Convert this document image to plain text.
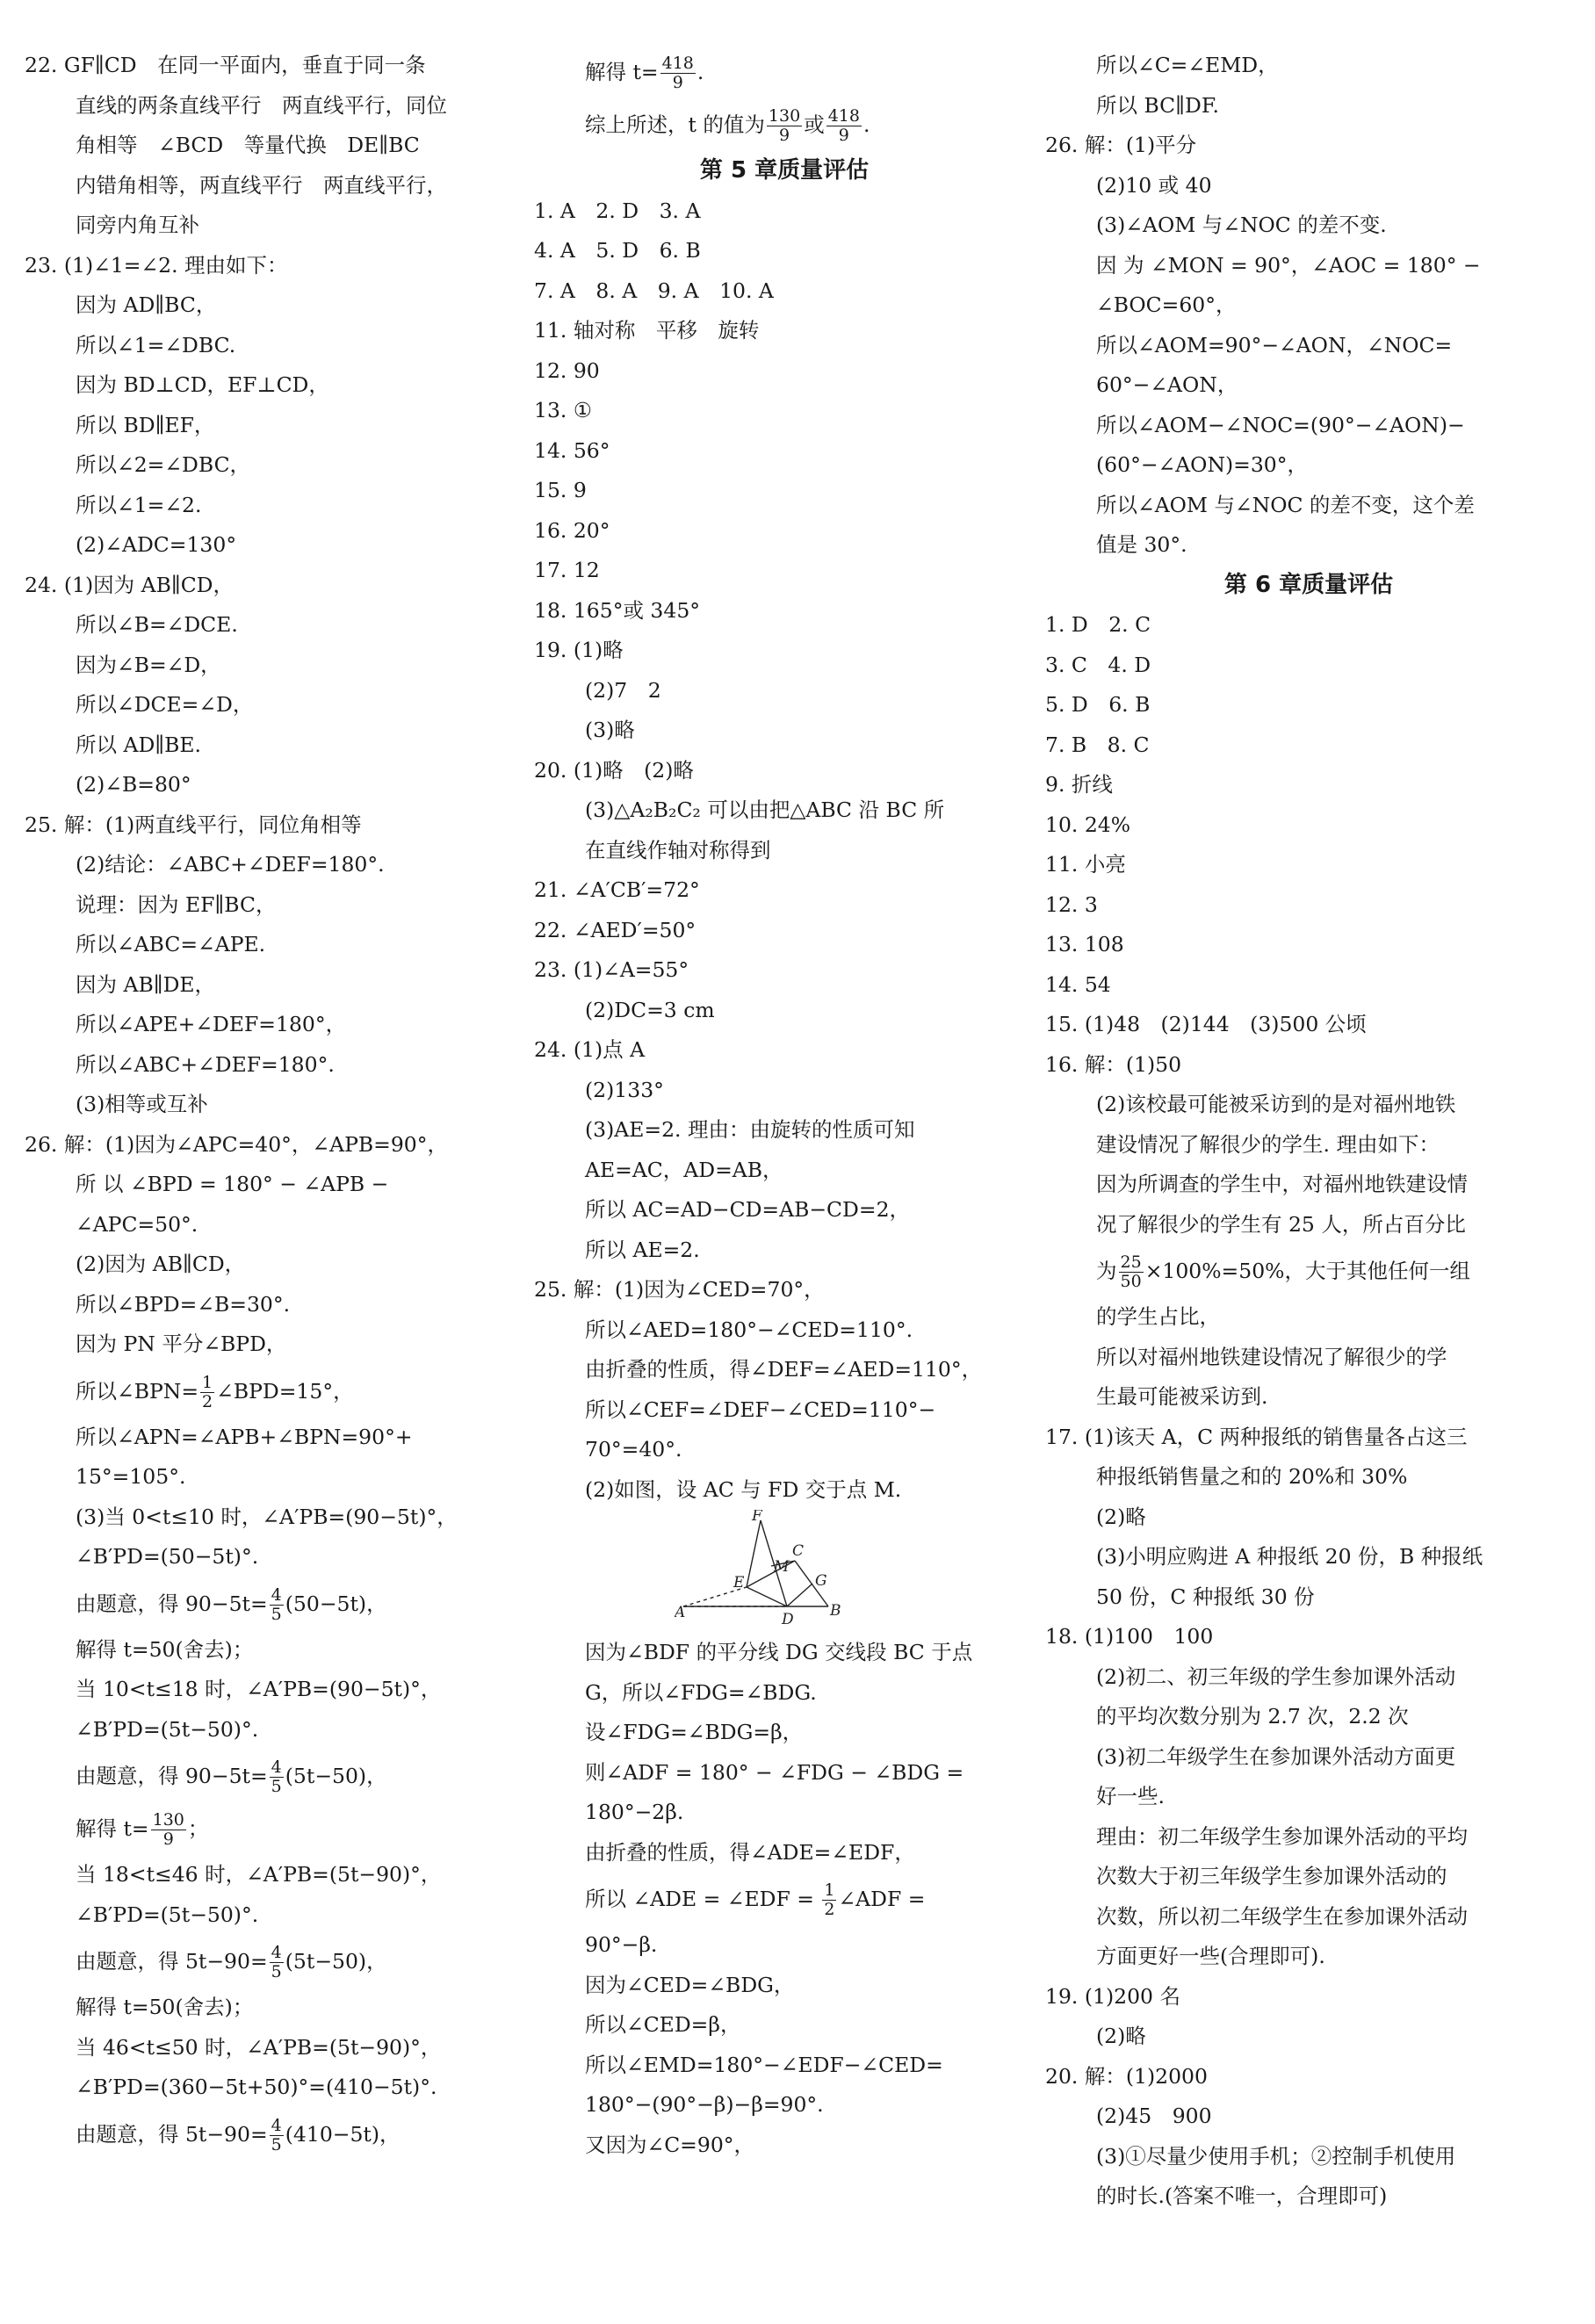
22. GF∥CD　在同一平面内，垂直于同一条
直线的两条直线平行　两直线平行，同位
角相等　∠BCD　等量代换　DE∥BC
内错角相等，两直线平行　两直线平行，
同旁内角互补
23. (1)∠1=∠2. 理由如下：
因为 AD∥BC，
所以∠1=∠DBC.
因为 BD⊥CD，EF⊥CD，
所以 BD∥EF，
所以∠2=∠DBC，
所以∠1=∠2.
(2)∠ADC=130°
24. (1)因为 AB∥CD，
所以∠B=∠DCE.
因为∠B=∠D，
所以∠DCE=∠D，
所以 AD∥BE.
(2)∠B=80°
25. 解：(1)两直线平行，同位角相等
(2)结论：∠ABC+∠DEF=180°.
说理：因为 EF∥BC，
所以∠ABC=∠APE.
因为 AB∥DE，
所以∠APE+∠DEF=180°，
所以∠ABC+∠DEF=180°.
(3)相等或互补
26. 解：(1)因为∠APC=40°，∠APB=90°，
所 以 ∠BPD = 180° − ∠APB −
∠APC=50°.
(2)因为 AB∥CD，
所以∠BPD=∠B=30°.
因为 PN 平分∠BPD，
所以∠BPN= $\frac{1}{2}$ ∠BPD=15°，
所以∠APN=∠APB+∠BPN=90°+
15°=105°.
(3)当 0<t≤10 时，∠A′PB=(90−5t)°，
∠B′PD=(50−5t)°.
由题意，得 $90-5t= \frac{4}{5} (50-5t)$，
解得 t=50(舍去)；
当 10<t≤18 时，∠A′PB=(90−5t)°，
∠B′PD=(5t−50)°.
由题意，得 $90-5t= \frac{4}{5} (5t-50)$，
解得 $t= \frac{130}{9}$ ；
当 18<t≤46 时，∠A′PB=(5t−90)°，
∠B′PD=(5t−50)°.
由题意，得 $5t-90= \frac{4}{5} (5t-50)$，
解得 t=50(舍去)；
当 46<t≤50 时，∠A′PB=(5t−90)°，
∠B′PD=(360−5t+50)°=(410−5t)°.
由题意，得 $5t-90= \frac{4}{5} (410-5t)$，
解得 $t= \frac{418}{9}$ .
综上所述，t 的值为 $\frac{130}{9}$ 或 $\frac{418}{9}$ .
第 5 章质量评估
1. A　2. D　3. A
4. A　5. D　6. B
7. A　8. A　9. A　10. A
11. 轴对称　平移　旋转
12. 90
13. ①
14. 56°
15. 9
16. 20°
17. 12
18. 165°或 345°
19. (1)略
(2)7　2
(3)略
20. (1)略　(2)略
(3)△A₂B₂C₂ 可以由把△ABC 沿 BC 所
在直线作轴对称得到
21. ∠A′CB′=72°
22. ∠AED′=50°
23. (1)∠A=55°
(2)DC=3 cm
24. (1)点 A
(2)133°
(3)AE=2. 理由：由旋转的性质可知
AE=AC，AD=AB，
所以 AC=AD−CD=AB−CD=2，
所以 AE=2.
25. 解：(1)因为∠CED=70°，
所以∠AED=180°−∠CED=110°.
由折叠的性质，得∠DEF=∠AED=110°，
所以∠CEF=∠DEF−∠CED=110°−
70°=40°.
(2)如图，设 AC 与 FD 交于点 M.
F
C
M
G
E
A	D B
因为∠BDF 的平分线 DG 交线段 BC 于点
G，所以∠FDG=∠BDG.
设∠FDG=∠BDG=β，
则∠ADF = 180° − ∠FDG − ∠BDG =
180°−2β.
由折叠的性质，得∠ADE=∠EDF，
所以 ∠ADE = ∠EDF = $\frac{1}{2}$ ∠ADF =
90°−β.
因为∠CED=∠BDG，
所以∠CED=β，
所以∠EMD=180°−∠EDF−∠CED=
180°−(90°−β)−β=90°.
又因为∠C=90°，
所以∠C=∠EMD，
所以 BC∥DF.
26. 解：(1)平分
(2)10 或 40
(3)∠AOM 与∠NOC 的差不变.
因 为 ∠MON = 90°，∠AOC = 180° −
∠BOC=60°，
所以∠AOM=90°−∠AON，∠NOC=
60°−∠AON，
所以∠AOM−∠NOC=(90°−∠AON)−
(60°−∠AON)=30°，
所以∠AOM 与∠NOC 的差不变，这个差
值是 30°.
第 6 章质量评估
1. D　2. C
3. C　4. D
5. D　6. B
7. B　8. C
9. 折线
10. 24%
11. 小亮
12. 3
13. 108
14. 54
15. (1)48　(2)144　(3)500 公顷
16. 解：(1)50
(2)该校最可能被采访到的是对福州地铁
建设情况了解很少的学生. 理由如下：
因为所调查的学生中，对福州地铁建设情
况了解很少的学生有 25 人，所占百分比
为 $\frac{25}{50} \times 100\%=50\%$，大于其他任何一组
的学生占比，
所以对福州地铁建设情况了解很少的学
生最可能被采访到.
17. (1)该天 A，C 两种报纸的销售量各占这三
种报纸销售量之和的 20%和 30%
(2)略
(3)小明应购进 A 种报纸 20 份，B 种报纸
50 份，C 种报纸 30 份
18. (1)100　100
(2)初二、初三年级的学生参加课外活动
的平均次数分别为 2.7 次，2.2 次
(3)初二年级学生在参加课外活动方面更
好一些.
理由：初二年级学生参加课外活动的平均
次数大于初三年级学生参加课外活动的
次数，所以初二年级学生在参加课外活动
方面更好一些(合理即可).
19. (1)200 名
(2)略
20. 解：(1)2000
(2)45　900
(3)①尽量少使用手机；②控制手机使用
的时长.(答案不唯一，合理即可)
